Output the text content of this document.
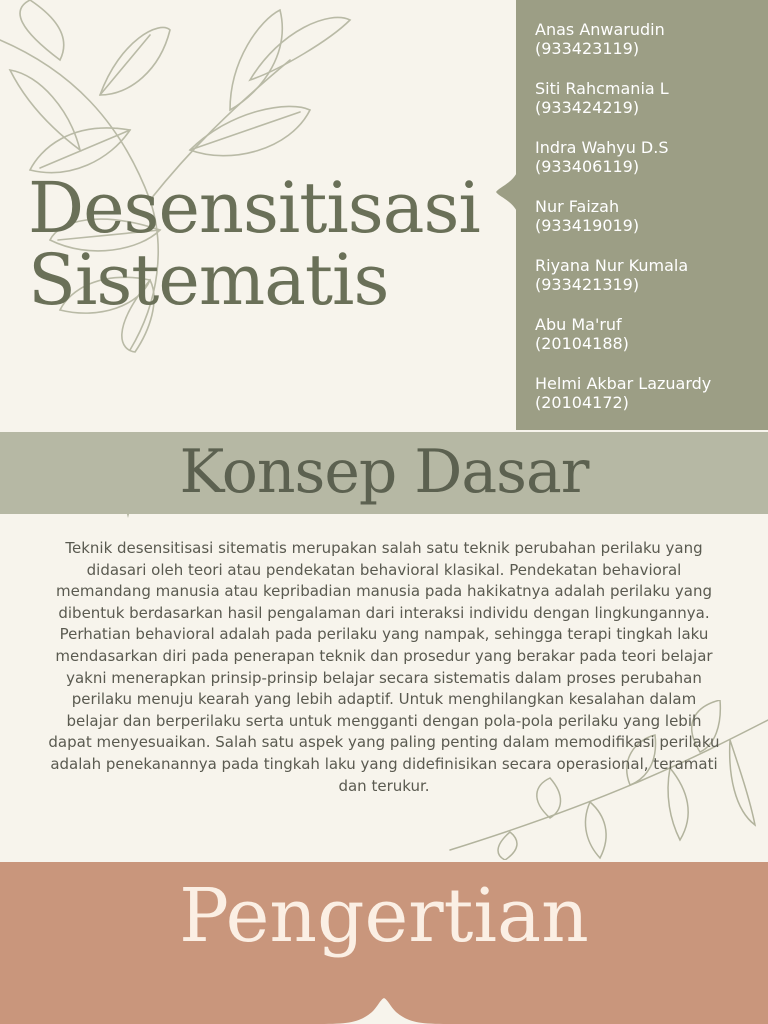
Desensitisasi
Sistematis
Anas Anwarudin
(933423119)
Siti Rahcmania L
(933424219)
Indra Wahyu D.S
(933406119)
Nur Faizah
(933419019)
Riyana Nur Kumala
(933421319)
Abu Ma'ruf
(20104188)
Helmi Akbar Lazuardy
(20104172)
Konsep Dasar

Teknik desensitisasi sitematis merupakan salah satu teknik perubahan perilaku yang didasari oleh teori atau pendekatan behavioral klasikal. Pendekatan behavioral memandang manusia atau kepribadian manusia pada hakikatnya adalah perilaku yang dibentuk berdasarkan hasil pengalaman dari interaksi individu dengan lingkungannya. Perhatian behavioral adalah pada perilaku yang nampak, sehingga terapi tingkah laku mendasarkan diri pada penerapan teknik dan prosedur yang berakar pada teori belajar yakni menerapkan prinsip-prinsip belajar secara sistematis dalam proses perubahan perilaku menuju kearah yang lebih adaptif. Untuk menghilangkan kesalahan dalam belajar dan berperilaku serta untuk mengganti dengan pola-pola perilaku yang lebih dapat menyesuaikan. Salah satu aspek yang paling penting dalam memodifikasi perilaku adalah penekanannya pada tingkah laku yang didefinisikan secara operasional, teramati dan terukur.

Pengertian
